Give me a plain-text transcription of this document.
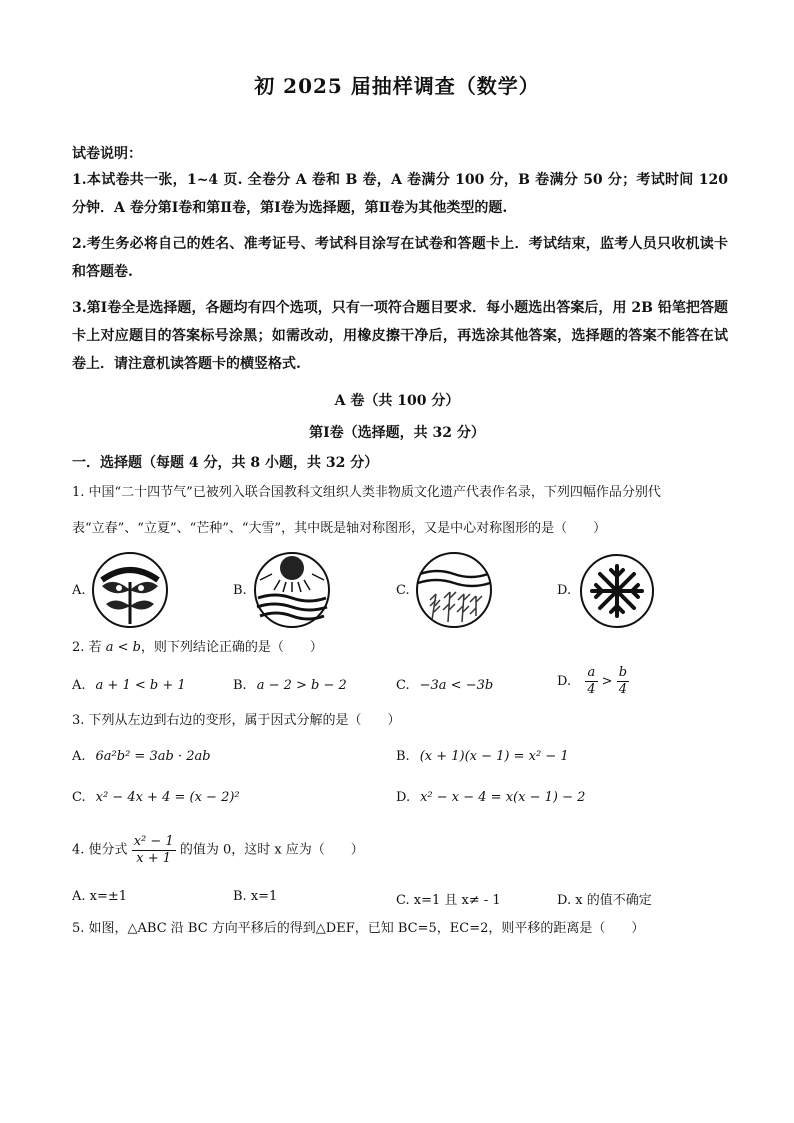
初 2025 届抽样调查（数学）
试卷说明：
1.本试卷共一张，1~4 页. 全卷分 A 卷和 B 卷，A 卷满分 100 分，B 卷满分 50 分；考试时间 120 分钟．A 卷分第Ⅰ卷和第Ⅱ卷，第Ⅰ卷为选择题，第Ⅱ卷为其他类型的题.
2.考生务必将自己的姓名、准考证号、考试科目涂写在试卷和答题卡上．考试结束，监考人员只收机读卡和答题卷.
3.第Ⅰ卷全是选择题，各题均有四个选项，只有一项符合题目要求．每小题选出答案后，用 2B 铅笔把答题卡上对应题目的答案标号涂黑；如需改动，用橡皮擦干净后，再选涂其他答案，选择题的答案不能答在试卷上．请注意机读答题卡的横竖格式.
A 卷（共 100 分）
第Ⅰ卷（选择题，共 32 分）
一．选择题（每题 4 分，共 8 小题，共 32 分）
1. 中国“二十四节气”已被列入联合国教科文组织人类非物质文化遗产代表作名录，下列四幅作品分别代
表“立春”、“立夏”、“芒种”、“大雪”，其中既是轴对称图形，又是中心对称图形的是（　　）
A.	B.	C.	D.
2. 若 a < b，则下列结论正确的是（　　）
A. a + 1 < b + 1	B. a − 2 > b − 2	C. −3a < −3b	D. $\frac{a}{4} > \frac{b}{4}$
3. 下列从左边到右边的变形，属于因式分解的是（　　）
A. 6a²b² = 3ab · 2ab	B. (x + 1)(x − 1) = x² − 1
C. x² − 4x + 4 = (x − 2)²	D. x² − x − 4 = x(x − 1) − 2
4. 使分式 $\frac{\text{x² − 1}}{x + 1}$ 的值为 0，这时 x 应为（　　）
A. x=±1	B. x=1	C. x=1 且 x≠ - 1	D. x 的值不确定
5. 如图，△ABC 沿 BC 方向平移后的得到△DEF，已知 BC=5，EC=2，则平移的距离是（　　）
